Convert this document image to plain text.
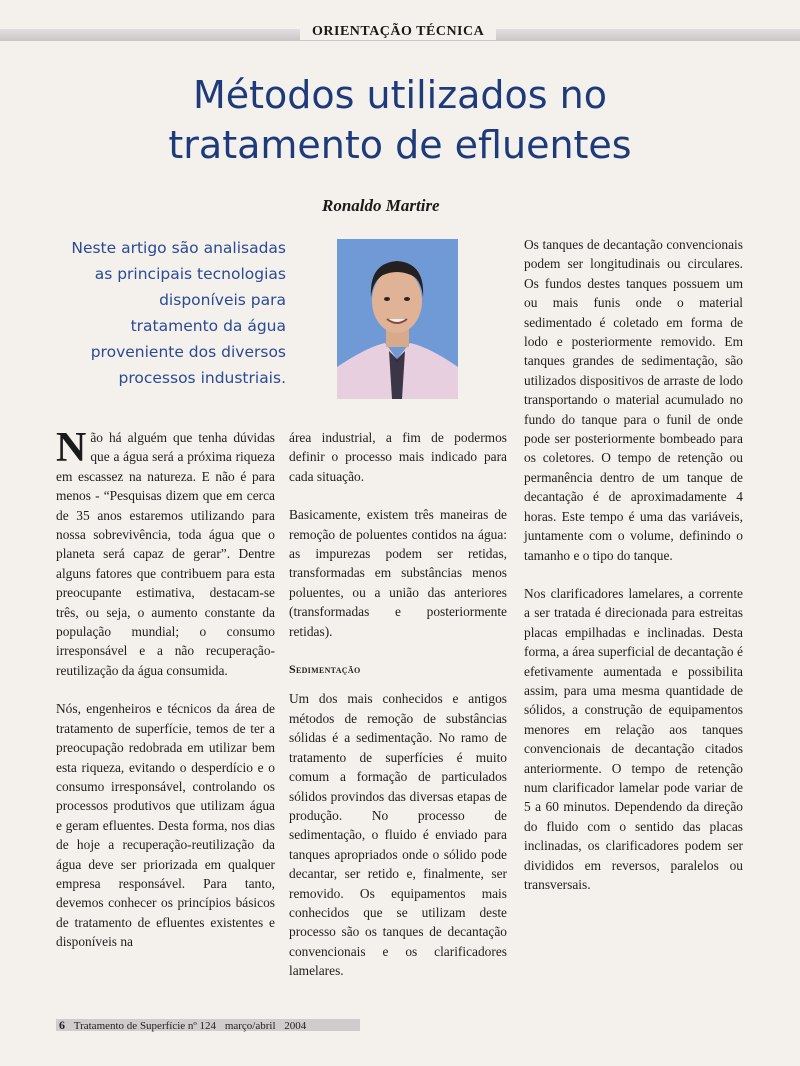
ORIENTAÇÃO TÉCNICA
Métodos utilizados no
tratamento de efluentes
Ronaldo Martire

Neste artigo são analisadas
as principais tecnologias
disponíveis para
tratamento da água
proveniente dos diversos
processos industriais.

Não há alguém que tenha dúvidas que a água será a próxima riqueza em escassez na natureza. E não é para menos - “Pesquisas dizem que em cerca de 35 anos estaremos utilizando para nossa sobrevivência, toda água que o planeta será capaz de gerar”. Dentre alguns fatores que contribuem para esta preocupante estimativa, destacam-se três, ou seja, o aumento constante da população mundial; o consumo irresponsável e a não recuperação-reutilização da água consumida.

Nós, engenheiros e técnicos da área de tratamento de superfície, temos de ter a preocupação redobrada em utilizar bem esta riqueza, evitando o desperdício e o consumo irresponsável, controlando os processos produtivos que utilizam água e geram efluentes. Desta forma, nos dias de hoje a recuperação-reutilização da água deve ser priorizada em qualquer empresa responsável. Para tanto, devemos conhecer os princípios básicos de tratamento de efluentes existentes e disponíveis na

área industrial, a fim de podermos definir o processo mais indicado para cada situação.

Basicamente, existem três maneiras de remoção de poluentes contidos na água: as impurezas podem ser retidas, transformadas em substâncias menos poluentes, ou a união das anteriores (transformadas e posteriormente retidas).

Sedimentação

Um dos mais conhecidos e antigos métodos de remoção de substâncias sólidas é a sedimentação. No ramo de tratamento de superfícies é muito comum a formação de particulados sólidos provindos das diversas etapas de produção. No processo de sedimentação, o fluido é enviado para tanques apropriados onde o sólido pode decantar, ser retido e, finalmente, ser removido. Os equipamentos mais conhecidos que se utilizam deste processo são os tanques de decantação convencionais e os clarificadores lamelares.

Os tanques de decantação convencionais podem ser longitudinais ou circulares. Os fundos destes tanques possuem um ou mais funis onde o material sedimentado é coletado em forma de lodo e posteriormente removido. Em tanques grandes de sedimentação, são utilizados dispositivos de arraste de lodo transportando o material acumulado no fundo do tanque para o funil de onde pode ser posteriormente bombeado para os coletores. O tempo de retenção ou permanência dentro de um tanque de decantação é de aproximadamente 4 horas. Este tempo é uma das variáveis, juntamente com o volume, definindo o tamanho e o tipo do tanque.

Nos clarificadores lamelares, a corrente a ser tratada é direcionada para estreitas placas empilhadas e inclinadas. Desta forma, a área superficial de decantação é efetivamente aumentada e possibilita assim, para uma mesma quantidade de sólidos, a construção de equipamentos menores em relação aos tanques convencionais de decantação citados anteriormente. O tempo de retenção num clarificador lamelar pode variar de 5 a 60 minutos. Dependendo da direção do fluido com o sentido das placas inclinadas, os clarificadores podem ser divididos em reversos, paralelos ou transversais.

6 Tratamento de Superfície nº 124 março/abril 2004
